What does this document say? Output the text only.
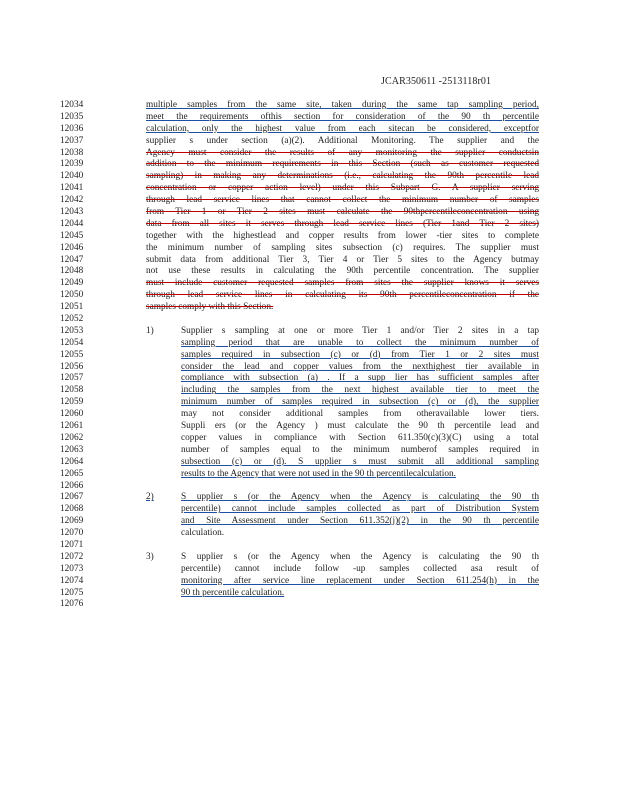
JCAR350611 -2513118r01
12034
12035
12036
12037
12038
12039
12040
12041
12042
12043
12044
12045
12046
12047
12048
12049
12050
12051
12052
12053
12054
12055
12056
12057
12058
12059
12060
12061
12062
12063
12064
12065
12066
12067
12068
12069
12070
12071
12072
12073
12074
12075
12076
multiple samples from the same site, taken during the same tap sampling period,
meet the requirements ofthis section for consideration of the 90 th percentile
calculation, only the highest value from each sitecan be considered, exceptfor
supplier s under section (a)(2). Additional Monitoring. The supplier and the
Agency must consider the results of any monitoring the supplier conductsin
addition to the minimum requirements in this Section (such as customer requested
sampling) in making any determinations (i.e., calculating the 90th percentile lead
concentration or copper action level) under this Subpart G. A supplier serving
through lead service lines that cannot collect the minimum number of samples
from Tier 1 or Tier 2 sites must calculate the 90thpercentileconcentration using
data from all sites it serves through lead service lines (Tier 1and Tier 2 sites)
together with the highestlead and copper results from lower -tier sites to complete
the minimum number of sampling sites subsection (c) requires. The supplier must
submit data from additional Tier 3, Tier 4 or Tier 5 sites to the Agency butmay
not use these results in calculating the 90th percentile concentration. The supplier
must include customer requested samples from sites the supplier knows it serves
through lead service lines in calculating its 90th percentileconcentration if the
samples comply with this Section.
1)	Supplier s sampling at one or more Tier 1 and/or Tier 2 sites in a tap
sampling period that are unable to collect the minimum number of
samples required in subsection (c) or (d) from Tier 1 or 2 sites must
consider the lead and copper values from the nexthighest tier available in
compliance with subsection (a) . If a supp lier has sufficient samples after
including the samples from the next highest available tier to meet the
minimum number of samples required in subsection (c) or (d), the supplier
may not consider additional samples from otheravailable lower tiers.
Suppli ers (or the Agency ) must calculate the 90 th percentile lead and
copper values in compliance with Section 611.350(c)(3)(C) using a total
number of samples equal to the minimum numberof samples required in
subsection (c) or (d). S upplier s must submit all additional sampling
results to the Agency that were not used in the 90 th percentilecalculation.
2)	S upplier s (or the Agency when the Agency is calculating the 90 th
percentile) cannot include samples collected as part of Distribution System
and Site Assessment under Section 611.352(j)(2) in the 90 th percentile
calculation.
3)	S upplier s (or the Agency when the Agency is calculating the 90 th
percentile) cannot include follow -up samples collected asa result of
monitoring after service line replacement under Section 611.254(h) in the
90 th percentile calculation.
